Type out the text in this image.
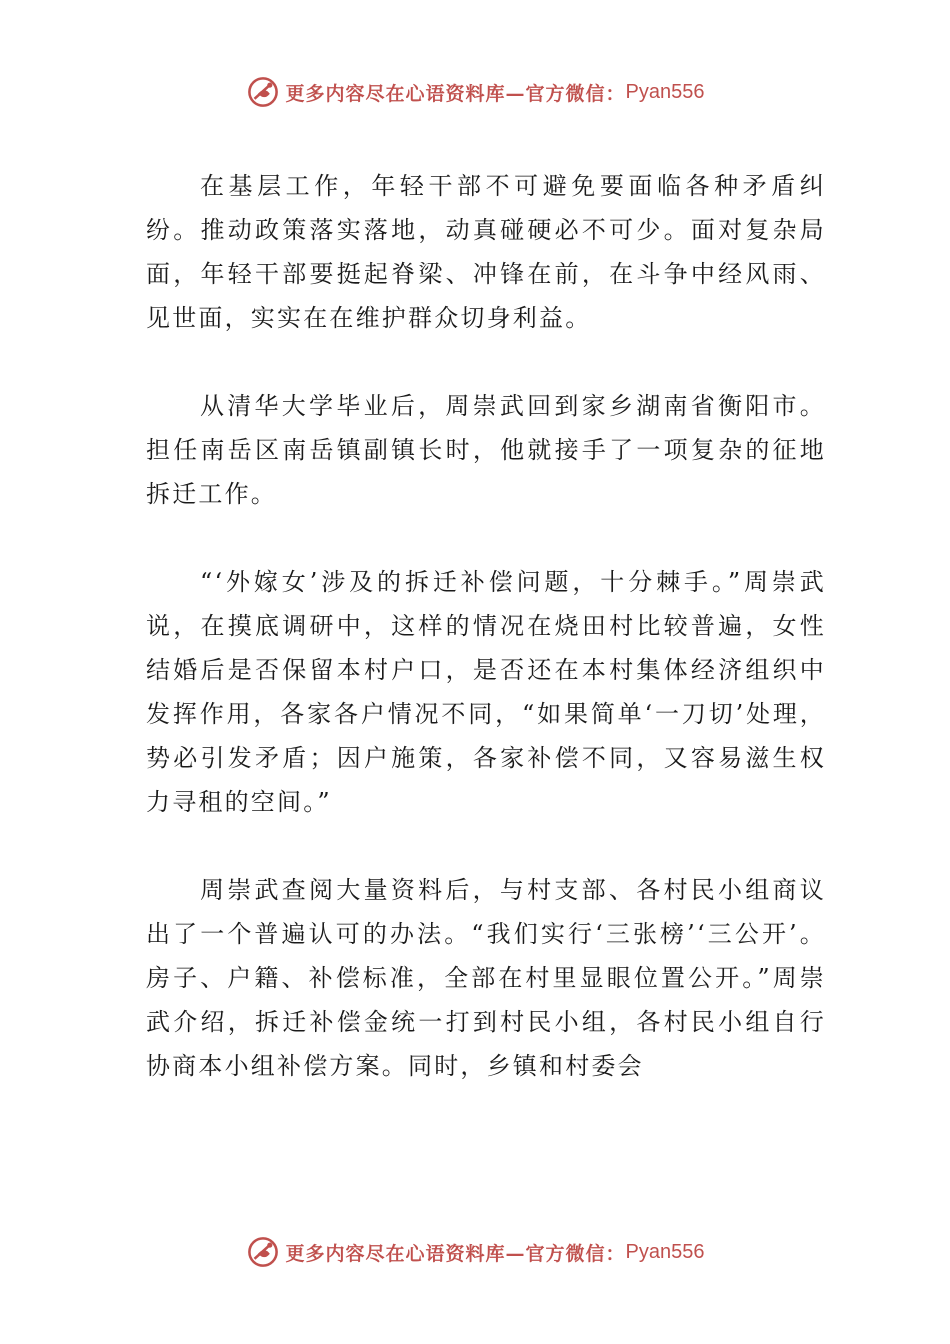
更多内容尽在心语资料库—官方微信： Pyan556

在基层工作，年轻干部不可避免要面临各种矛盾纠纷。推动政策落实落地，动真碰硬必不可少。面对复杂局面，年轻干部要挺起脊梁、冲锋在前，在斗争中经风雨、见世面，实实在在维护群众切身利益。

从清华大学毕业后，周崇武回到家乡湖南省衡阳市。担任南岳区南岳镇副镇长时，他就接手了一项复杂的征地拆迁工作。

“‘外嫁女’涉及的拆迁补偿问题，十分棘手。”周崇武说，在摸底调研中，这样的情况在烧田村比较普遍，女性结婚后是否保留本村户口，是否还在本村集体经济组织中发挥作用，各家各户情况不同，“如果简单‘一刀切’处理，势必引发矛盾；因户施策，各家补偿不同，又容易滋生权力寻租的空间。”

周崇武查阅大量资料后，与村支部、各村民小组商议出了一个普遍认可的办法。“我们实行‘三张榜’‘三公开’。房子、户籍、补偿标准，全部在村里显眼位置公开。”周崇武介绍，拆迁补偿金统一打到村民小组，各村民小组自行协商本小组补偿方案。同时，乡镇和村委会

更多内容尽在心语资料库—官方微信： Pyan556
